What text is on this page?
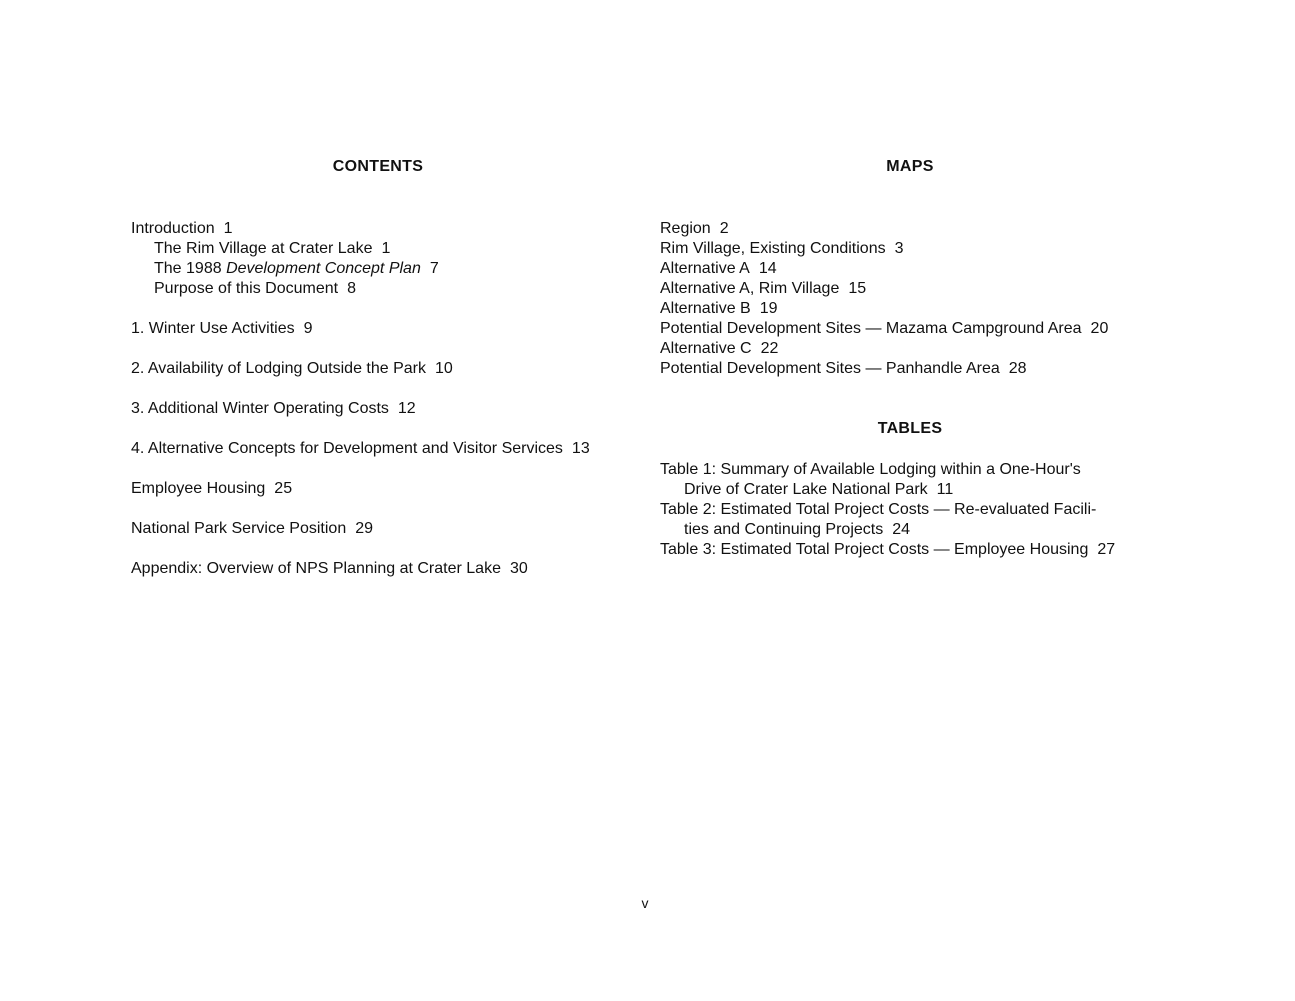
CONTENTS	MAPS
TABLES
Introduction 1
The Rim Village at Crater Lake 1
The 1988 Development Concept Plan 7
Purpose of this Document 8
1. Winter Use Activities 9
2. Availability of Lodging Outside the Park 10
3. Additional Winter Operating Costs 12
4. Alternative Concepts for Development and Visitor Services 13
Employee Housing 25
National Park Service Position 29
Appendix: Overview of NPS Planning at Crater Lake 30
Region 2
Rim Village, Existing Conditions 3
Alternative A 14
Alternative A, Rim Village 15
Alternative B 19
Potential Development Sites — Mazama Campground Area 20
Alternative C 22
Potential Development Sites — Panhandle Area 28
Table 1: Summary of Available Lodging within a One-Hour's
Drive of Crater Lake National Park 11
Table 2: Estimated Total Project Costs — Re-evaluated Facili-
ties and Continuing Projects 24
Table 3: Estimated Total Project Costs — Employee Housing 27
v
